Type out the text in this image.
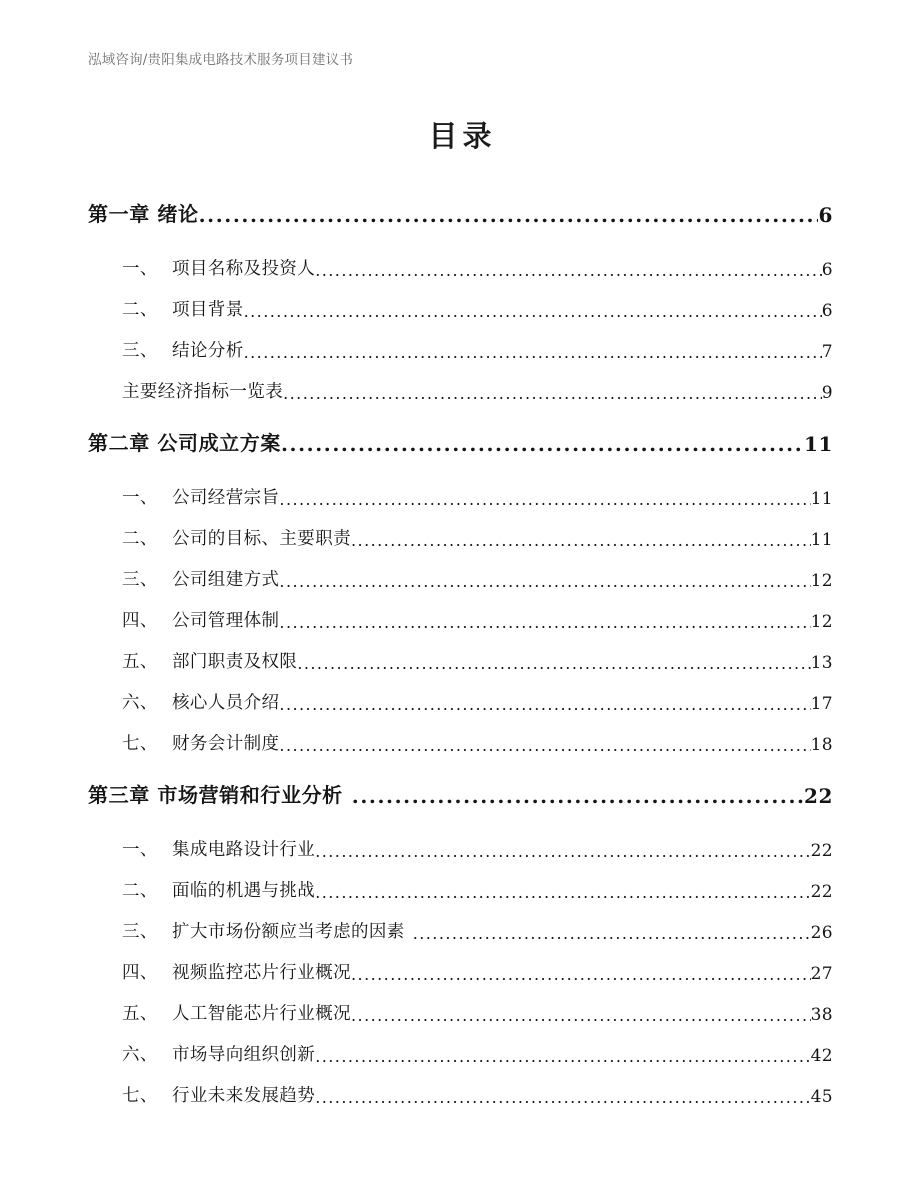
泓域咨询/贵阳集成电路技术服务项目建议书
目录
第一章 绪论 .....	6
一、 项目名称及投资人 .....	6
二、 项目背景 .....	6
三、 结论分析 .....	7
主要经济指标一览表 .....	9
第二章 公司成立方案 .....	11
一、 公司经营宗旨 .....	11
二、 公司的目标、主要职责 .....	11
三、 公司组建方式 .....	12
四、 公司管理体制 .....	12
五、 部门职责及权限 .....	13
六、 核心人员介绍 .....	17
七、 财务会计制度 .....	18
第三章 市场营销和行业分析 .....	22
一、 集成电路设计行业 .....	22
二、 面临的机遇与挑战 .....	22
三、 扩大市场份额应当考虑的因素 .....	26
四、 视频监控芯片行业概况 .....	27
五、 人工智能芯片行业概况 .....	38
六、 市场导向组织创新 .....	42
七、 行业未来发展趋势 .....	45
